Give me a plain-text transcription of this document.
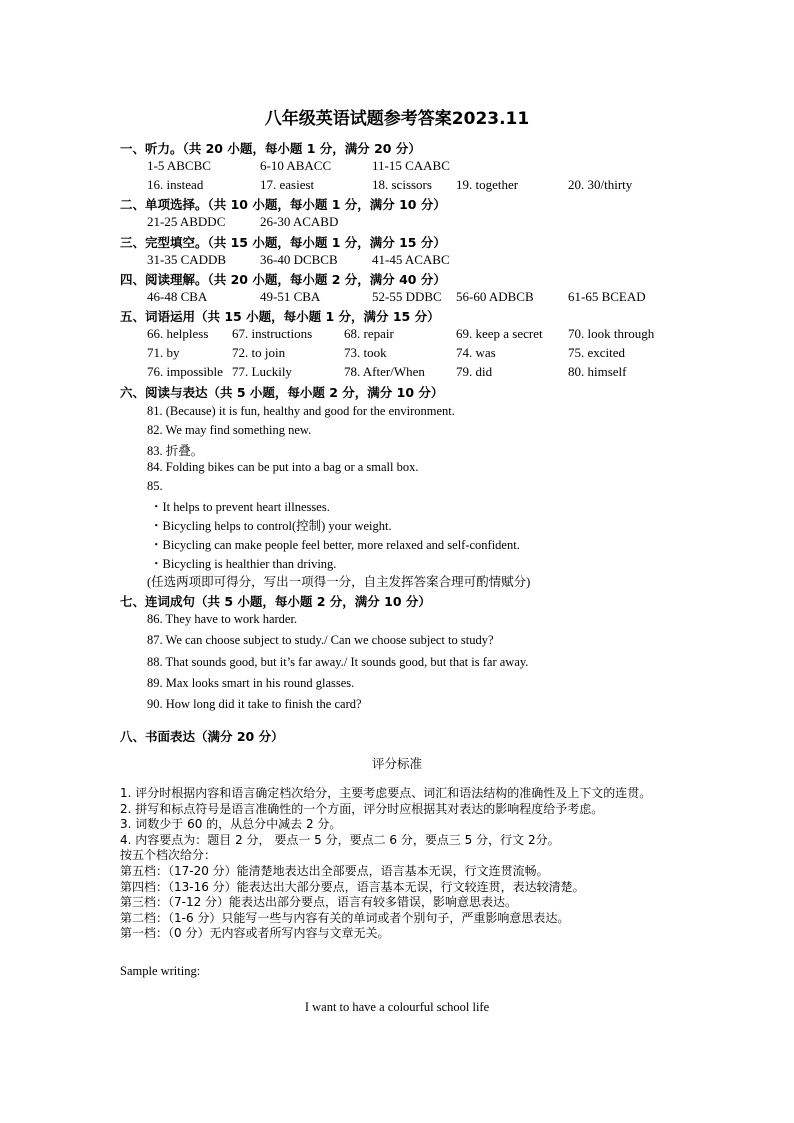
八年级英语试题参考答案2023.11
一、听力。（共 20 小题，每小题 1 分，满分 20 分）
1-5 ABCBC	6-10 ABACC	11-15 CAABC
16. instead	17. easiest	18. scissors 19. together	20. 30/thirty
二、单项选择。（共 10 小题，每小题 1 分，满分 10 分）
21-25 ABDDC	26-30 ACABD
三、完型填空。（共 15 小题，每小题 1 分，满分 15 分）
31-35 CADDB	36-40 DCBCB	41-45 ACABC
四、阅读理解。（共 20 小题，每小题 2 分，满分 40 分）
46-48 CBA	49-51 CBA	52-55 DDBC 56-60 ADBCB	61-65 BCEAD
五、词语运用（共 15 小题，每小题 1 分，满分 15 分）
66. helpless 67. instructions 68. repair	69. keep a secret 70. look through
71. by	72. to join	73. took	74. was	75. excited
76. impossible 77. Luckily	78. After/When 79. did	80. himself
六、阅读与表达（共 5 小题，每小题 2 分，满分 10 分）
81. (Because) it is fun, healthy and good for the environment.
82. We may find something new.
83. 折叠。
84. Folding bikes can be put into a bag or a small box.
85.
・It helps to prevent heart illnesses.
・Bicycling helps to control(控制) your weight.
・Bicycling can make people feel better, more relaxed and self-confident.
・Bicycling is healthier than driving.
(任选两项即可得分，写出一项得一分，自主发挥答案合理可酌情赋分)
七、连词成句（共 5 小题，每小题 2 分，满分 10 分）
86. They have to work harder.
87. We can choose subject to study./ Can we choose subject to study?
88. That sounds good, but it’s far away./ It sounds good, but that is far away.
89. Max looks smart in his round glasses.
90. How long did it take to finish the card?
八、书面表达（满分 20 分）
评分标准
1. 评分时根据内容和语言确定档次给分，主要考虑要点、词汇和语法结构的准确性及上下文的连贯。
2. 拼写和标点符号是语言准确性的一个方面，评分时应根据其对表达的影响程度给予考虑。
3. 词数少于 60 的，从总分中减去 2 分。
4. 内容要点为：题目 2 分， 要点一 5 分，要点二 6 分，要点三 5 分，行文 2分。
按五个档次给分：
第五档：（17-20 分）能清楚地表达出全部要点，语言基本无误，行文连贯流畅。
第四档：（13-16 分）能表达出大部分要点，语言基本无误，行文较连贯，表达较清楚。
第三档：（7-12 分）能表达出部分要点，语言有较多错误，影响意思表达。
第二档：（1-6 分）只能写一些与内容有关的单词或者个别句子，严重影响意思表达。
第一档：（0 分）无内容或者所写内容与文章无关。
Sample writing:
I want to have a colourful school life
